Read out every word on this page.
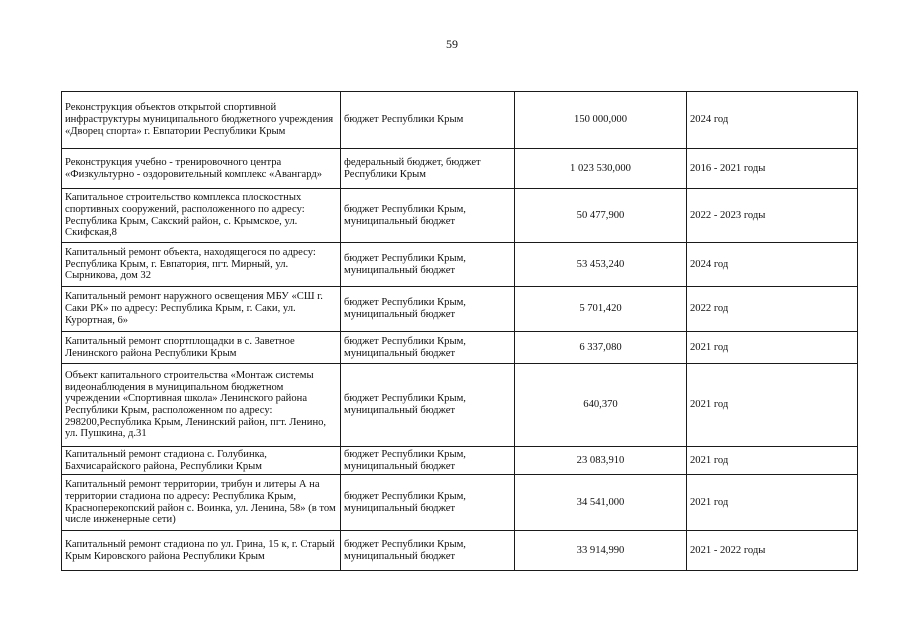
59
Реконструкция объектов открытой спортивной инфраструктуры муниципального бюджетного учреждения «Дворец спорта» г. Евпатории Республики Крым	бюджет Республики Крым	150 000,000	2024 год
Реконструкция учебно - тренировочного центра «Физкультурно - оздоровительный комплекс «Авангард»	федеральный бюджет, бюджет Республики Крым	1 023 530,000	2016 - 2021 годы
Капитальное строительство комплекса плоскостных спортивных сооружений, расположенного по адресу: Республика Крым, Сакский район, с. Крымское, ул. Скифская,8	бюджет Республики Крым, муниципальный бюджет	50 477,900	2022 - 2023 годы
Капитальный ремонт объекта, находящегося по адресу: Республика Крым, г. Евпатория, пгт. Мирный, ул. Сырникова, дом 32	бюджет Республики Крым, муниципальный бюджет	53 453,240	2024 год
Капитальный ремонт наружного освещения МБУ «СШ г. Саки РК» по адресу: Республика Крым, г. Саки, ул. Курортная, 6»	бюджет Республики Крым, муниципальный бюджет	5 701,420	2022 год
Капитальный ремонт спортплощадки в с. Заветное Ленинского района Республики Крым	бюджет Республики Крым, муниципальный бюджет	6 337,080	2021 год
Объект капитального строительства «Монтаж системы видеонаблюдения в муниципальном бюджетном учреждении «Спортивная школа» Ленинского района Республики Крым, расположенном по адресу: 298200,Республика Крым, Ленинский район, пгт. Ленино, ул. Пушкина, д.31	бюджет Республики Крым, муниципальный бюджет	640,370	2021 год
Капитальный ремонт стадиона с. Голубинка, Бахчисарайского района, Республики Крым	бюджет Республики Крым, муниципальный бюджет	23 083,910	2021 год
Капитальный ремонт территории, трибун и литеры А на территории стадиона по адресу: Республика Крым, Красноперекопский район с. Воинка, ул. Ленина, 58» (в том числе инженерные сети)	бюджет Республики Крым, муниципальный бюджет	34 541,000	2021 год
Капитальный ремонт стадиона по ул. Грина, 15 к, г. Старый Крым Кировского района Республики Крым	бюджет Республики Крым, муниципальный бюджет	33 914,990	2021 - 2022 годы
